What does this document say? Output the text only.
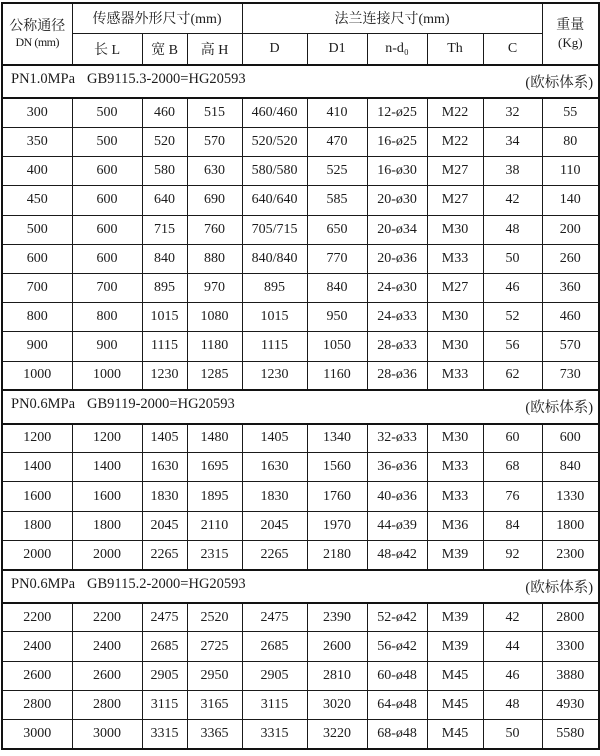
公称通径
DN (mm)
	传感器外形尺寸(mm)	法兰连接尺寸(mm)	重量
(Kg)

	长 L	宽 B	高 H	D	D1	n-d₀	Th	C	

(欧标体系)
PN1.0MPa GB9115.3-2000=HG20593									
300	500	460	515	460/460	410	12-ø25	M22	32	55
350	500	520	570	520/520	470	16-ø25	M22	34	80
400	600	580	630	580/580	525	16-ø30	M27	38	110
450	600	640	690	640/640	585	20-ø30	M27	42	140
500	600	715	760	705/715	650	20-ø34	M30	48	200
600	600	840	880	840/840	770	20-ø36	M33	50	260
700	700	895	970	895	840	24-ø30	M27	46	360
800	800	1015	1080	1015	950	24-ø33	M30	52	460
900	900	1115	1180	1115	1050	28-ø33	M30	56	570
1000	1000	1230	1285	1230	1160	28-ø36	M33	62	730

(欧标体系)
PN0.6MPa GB9119-2000=HG20593									
1200	1200	1405	1480	1405	1340	32-ø33	M30	60	600
1400	1400	1630	1695	1630	1560	36-ø36	M33	68	840
1600	1600	1830	1895	1830	1760	40-ø36	M33	76	1330
1800	1800	2045	2110	2045	1970	44-ø39	M36	84	1800
2000	2000	2265	2315	2265	2180	48-ø42	M39	92	2300

(欧标体系)
PN0.6MPa GB9115.2-2000=HG20593									
2200	2200	2475	2520	2475	2390	52-ø42	M39	42	2800
2400	2400	2685	2725	2685	2600	56-ø42	M39	44	3300
2600	2600	2905	2950	2905	2810	60-ø48	M45	46	3880
2800	2800	3115	3165	3115	3020	64-ø48	M45	48	4930
3000	3000	3315	3365	3315	3220	68-ø48	M45	50	5580
